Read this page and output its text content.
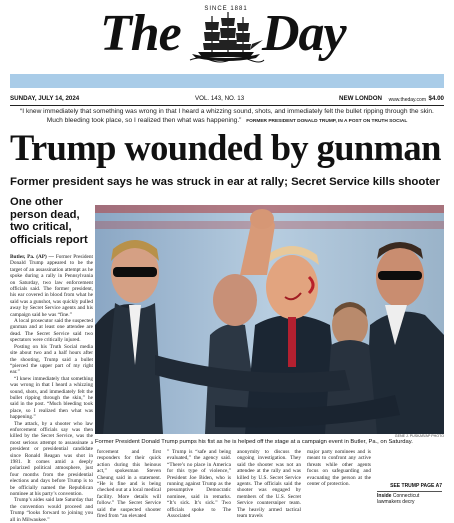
The	SINCE 1881 Day
SUNDAY, JULY 14, 2024	VOL. 143, NO. 13	NEW LONDON www.theday.com $4.00
“I knew immediately that something was wrong in that I heard a whizzing sound, shots, and immediately felt the bullet ripping through the skin. Much bleeding took place, so I realized then what was happening.” FORMER PRESIDENT DONALD TRUMP, IN A POST ON TRUTH SOCIAL
Trump wounded by gunman
Former president says he was struck in ear at rally; Secret Service kills shooter
One other person dead, two critical, officials report

Butler, Pa. (AP) — Former President Donald Trump appeared to be the target of an assassination attempt as he spoke during a rally in Pennsylvania on Saturday, two law enforcement officials said. The former president, his ear covered in blood from what he said was a gunshot, was quickly pulled away by Secret Service agents and his campaign said he was “fine.”

A local prosecutor said the suspected gunman and at least one attendee are dead. The Secret Service said two spectators were critically injured.

Posting on his Truth Social media site about two and a half hours after the shooting, Trump said a bullet “pierced the upper part of my right ear.”

“I knew immediately that something was wrong in that I heard a whizzing sound, shots, and immediately felt the bullet ripping through the skin,” he said in the post. “Much bleeding took place, so I realized then what was happening.”

The attack, by a shooter who law enforcement officials say was then killed by the Secret Service, was the most serious attempt to assassinate a president or presidential candidate since Ronald Reagan was shot in 1981. It comes amid a deeply polarized political atmosphere, just four months from the presidential elections and days before Trump is to be officially named the Republican nominee at his party’s convention.

Trump’s aides said late Saturday that the convention would proceed and Trump “looks forward to joining you all in Milwaukee.”

GENE J. PUSKAR/AP PHOTO
Former President Donald Trump pumps his fist as he is helped off the stage at a campaign event in Butler, Pa., on Saturday.

forcement and first responders for their quick action during this heinous act,” spokesman Steven Cheung said in a statement. “He is fine and is being checked out at a local medical facility. More details will follow.” The Secret Service said the suspected shooter fired from “an elevated

” Trump is “safe and being evaluated,” the agency said. “There’s no place in America for this type of violence,” President Joe Biden, who is running against Trump as the presumptive Democratic nominee, said in remarks. “It’s sick. It’s sick.” Two officials spoke to The Associated

anonymity to discuss the ongoing investigation. They said the shooter was not an attendee at the rally and was killed by U.S. Secret Service agents. The officials said the shooter was engaged by members of the U.S. Secret Service countersniper team. The heavily armed tactical team travels

major party nominees and is meant to confront any active threats while other agents focus on safeguarding and evacuating the person at the center of protection.	SEE TRUMP PAGE A7
Inside Connecticut lawmakers decry
